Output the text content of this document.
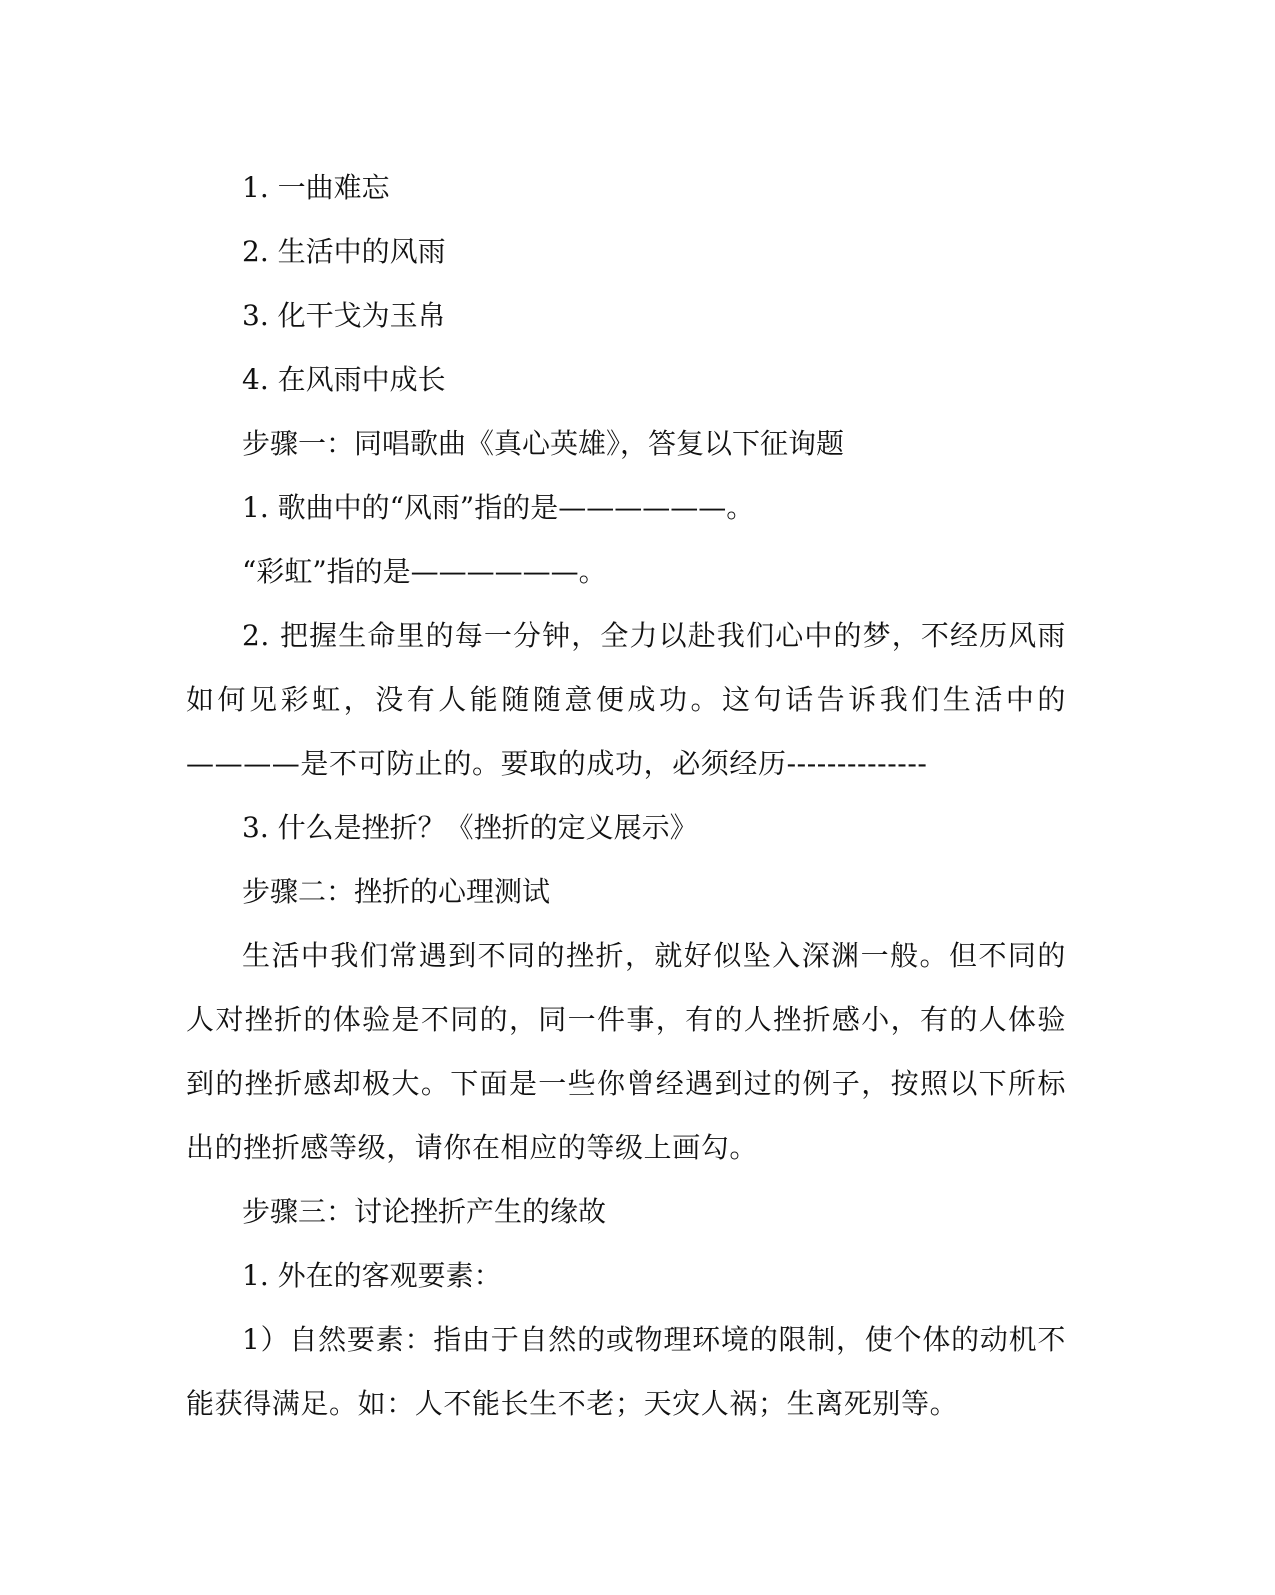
1. 一曲难忘

2. 生活中的风雨

3. 化干戈为玉帛

4. 在风雨中成长

步骤一：同唱歌曲《真心英雄》，答复以下征询题

1. 歌曲中的“风雨”指的是——————。

“彩虹”指的是——————。

2. 把握生命里的每一分钟，全力以赴我们心中的梦，不经历风雨如何见彩虹，没有人能随随意便成功。这句话告诉我们生活中的————是不可防止的。要取的成功，必须经历--------------

3. 什么是挫折？《挫折的定义展示》

步骤二：挫折的心理测试

生活中我们常遇到不同的挫折，就好似坠入深渊一般。但不同的人对挫折的体验是不同的，同一件事，有的人挫折感小，有的人体验到的挫折感却极大。下面是一些你曾经遇到过的例子，按照以下所标出的挫折感等级，请你在相应的等级上画勾。

步骤三：讨论挫折产生的缘故

1. 外在的客观要素：

1）自然要素：指由于自然的或物理环境的限制，使个体的动机不能获得满足。如：人不能长生不老；天灾人祸；生离死别等。
